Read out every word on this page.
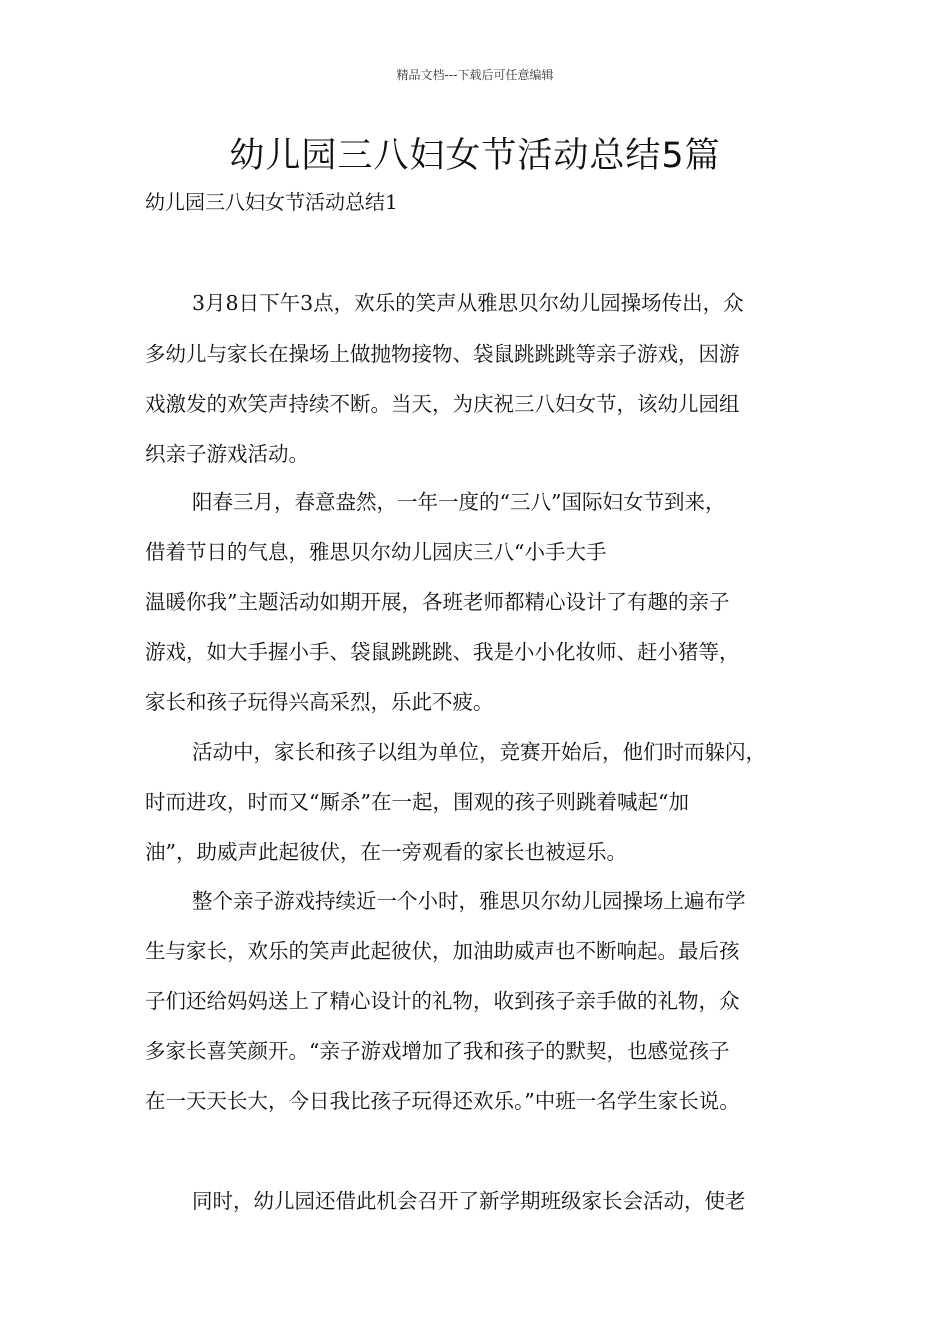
精品文档---下载后可任意编辑
幼儿园三八妇女节活动总结5篇
幼儿园三八妇女节活动总结1
3月8日下午3点，欢乐的笑声从雅思贝尔幼儿园操场传出，众
多幼儿与家长在操场上做抛物接物、袋鼠跳跳跳等亲子游戏，因游
戏激发的欢笑声持续不断。当天，为庆祝三八妇女节，该幼儿园组
织亲子游戏活动。
阳春三月，春意盎然，一年一度的“三八”国际妇女节到来，
借着节日的气息，雅思贝尔幼儿园庆三八“小手大手
温暖你我”主题活动如期开展，各班老师都精心设计了有趣的亲子
游戏，如大手握小手、袋鼠跳跳跳、我是小小化妆师、赶小猪等，
家长和孩子玩得兴高采烈，乐此不疲。
活动中，家长和孩子以组为单位，竞赛开始后，他们时而躲闪，
时而进攻，时而又“厮杀”在一起，围观的孩子则跳着喊起“加
油”，助威声此起彼伏，在一旁观看的家长也被逗乐。
整个亲子游戏持续近一个小时，雅思贝尔幼儿园操场上遍布学
生与家长，欢乐的笑声此起彼伏，加油助威声也不断响起。最后孩
子们还给妈妈送上了精心设计的礼物，收到孩子亲手做的礼物，众
多家长喜笑颜开。“亲子游戏增加了我和孩子的默契，也感觉孩子
在一天天长大，今日我比孩子玩得还欢乐。”中班一名学生家长说。
同时，幼儿园还借此机会召开了新学期班级家长会活动，使老
